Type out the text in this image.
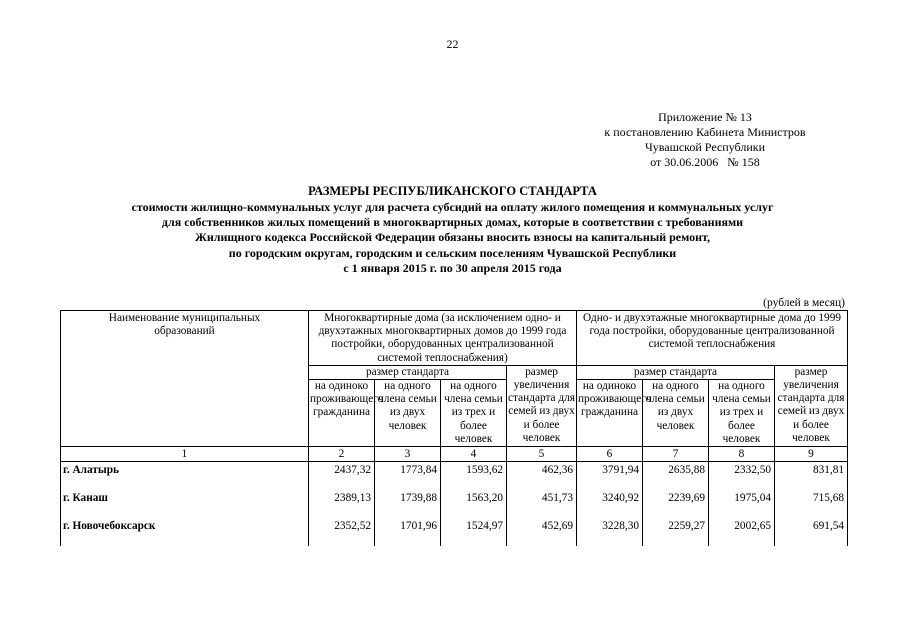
22
Приложение № 13
к постановлению Кабинета Министров
Чувашской Республики
от 30.06.2006   № 158
РАЗМЕРЫ РЕСПУБЛИКАНСКОГО СТАНДАРТА
стоимости жилищно-коммунальных услуг для расчета субсидий на оплату жилого помещения и коммунальных услуг
для собственников жилых помещений в многоквартирных домах, которые в соответствии с требованиями
Жилищного кодекса Российской Федерации обязаны вносить взносы на капитальный ремонт,
по городским округам, городским и сельским поселениям Чувашской Республики
с 1 января 2015 г. по 30 апреля 2015 года
(рублей в месяц)
Наименование муниципальных образований	Многоквартирные дома (за исключением одно- и двухэтажных многоквартирных домов до 1999 года постройки, оборудованных централизованной системой теплоснабжения)				Одно- и двухэтажные многоквартирные дома до 1999 года постройки, оборудованные централизованной системой теплоснабжения			
	размер стандарта			размер увеличения стандарта для семей из двух и более человек	размер стандарта			размер увеличения стандарта для семей из двух и более человек
	на одиноко проживающего гражданина	на одного члена семьи из двух человек	на одного члена семьи из трех и более человек		на одиноко проживающего гражданина	на одного члена семьи из двух человек	на одного члена семьи из трех и более человек	
1	2	3	4	5	6	7	8	9
г. Алатырь	2437,32	1773,84	1593,62	462,36	3791,94	2635,88	2332,50	831,81
г. Канаш	2389,13	1739,88	1563,20	451,73	3240,92	2239,69	1975,04	715,68
г. Новочебоксарск	2352,52	1701,96	1524,97	452,69	3228,30	2259,27	2002,65	691,54
